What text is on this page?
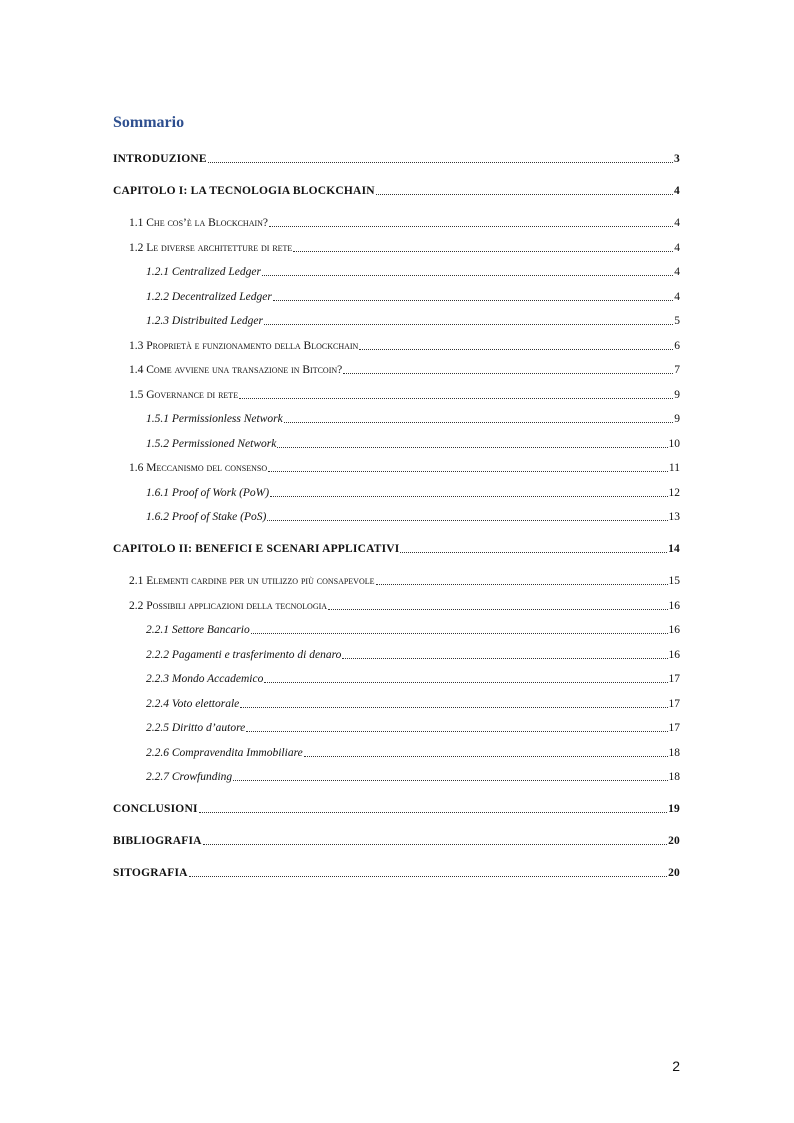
Sommario
INTRODUZIONE	3
CAPITOLO I: LA TECNOLOGIA BLOCKCHAIN	4
1.1 Che cos’è la Blockchain?	4
1.2 Le diverse architetture di rete	4
1.2.1 Centralized Ledger	4
1.2.2 Decentralized Ledger	4
1.2.3 Distribuited Ledger	5
1.3 Proprietà e funzionamento della Blockchain	6
1.4 Come avviene una transazione in Bitcoin?	7
1.5 Governance di rete	9
1.5.1 Permissionless Network	9
1.5.2 Permissioned Network	10
1.6 Meccanismo del consenso	11
1.6.1 Proof of Work (PoW)	12
1.6.2 Proof of Stake (PoS)	13
CAPITOLO II: BENEFICI E SCENARI APPLICATIVI	14
2.1 Elementi cardine per un utilizzo più consapevole	15
2.2 Possibili applicazioni della tecnologia	16
2.2.1 Settore Bancario	16
2.2.2 Pagamenti e trasferimento di denaro	16
2.2.3 Mondo Accademico	17
2.2.4 Voto elettorale	17
2.2.5 Diritto d’autore	17
2.2.6 Compravendita Immobiliare	18
2.2.7 Crowfunding	18
CONCLUSIONI	19
BIBLIOGRAFIA	20
SITOGRAFIA	20
2
